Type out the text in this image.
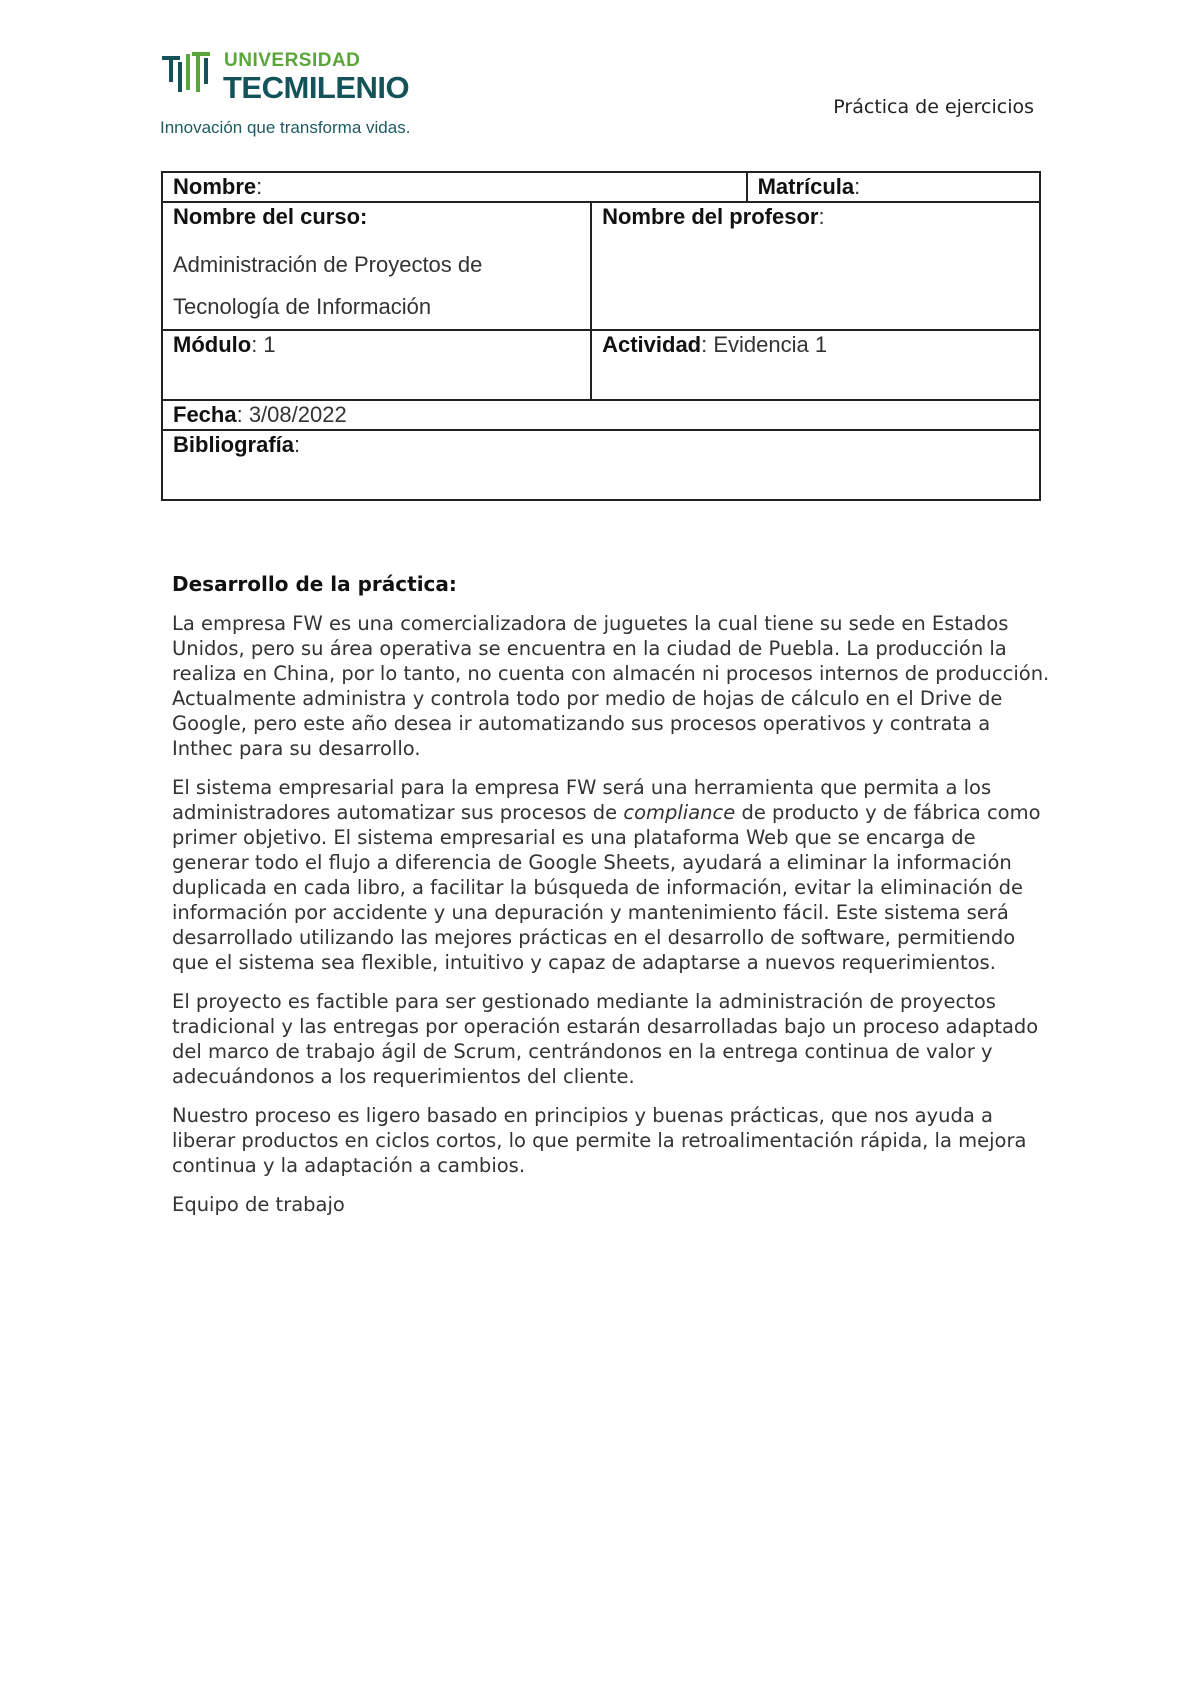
UNIVERSIDAD
TECMILENIO
Innovación que transforma vidas.
Práctica de ejercicios
Nombre:		Matrícula:
Nombre del curso:
Administración de Proyectos de
Tecnología de Información	Nombre del profesor:	
Módulo: 1	Actividad: Evidencia 1	
Fecha: 3/08/2022		
Bibliografía:		
Desarrollo de la práctica:

La empresa FW es una comercializadora de juguetes la cual tiene su sede en Estados Unidos, pero su área operativa se encuentra en la ciudad de Puebla. La producción la realiza en China, por lo tanto, no cuenta con almacén ni procesos internos de producción. Actualmente administra y controla todo por medio de hojas de cálculo en el Drive de Google, pero este año desea ir automatizando sus procesos operativos y contrata a Inthec para su desarrollo.

El sistema empresarial para la empresa FW será una herramienta que permita a los administradores automatizar sus procesos de compliance de producto y de fábrica como primer objetivo. El sistema empresarial es una plataforma Web que se encarga de generar todo el flujo a diferencia de Google Sheets, ayudará a eliminar la información duplicada en cada libro, a facilitar la búsqueda de información, evitar la eliminación de información por accidente y una depuración y mantenimiento fácil. Este sistema será desarrollado utilizando las mejores prácticas en el desarrollo de software, permitiendo que el sistema sea flexible, intuitivo y capaz de adaptarse a nuevos requerimientos.

El proyecto es factible para ser gestionado mediante la administración de proyectos tradicional y las entregas por operación estarán desarrolladas bajo un proceso adaptado del marco de trabajo ágil de Scrum, centrándonos en la entrega continua de valor y adecuándonos a los requerimientos del cliente.

Nuestro proceso es ligero basado en principios y buenas prácticas, que nos ayuda a liberar productos en ciclos cortos, lo que permite la retroalimentación rápida, la mejora continua y la adaptación a cambios.

Equipo de trabajo
